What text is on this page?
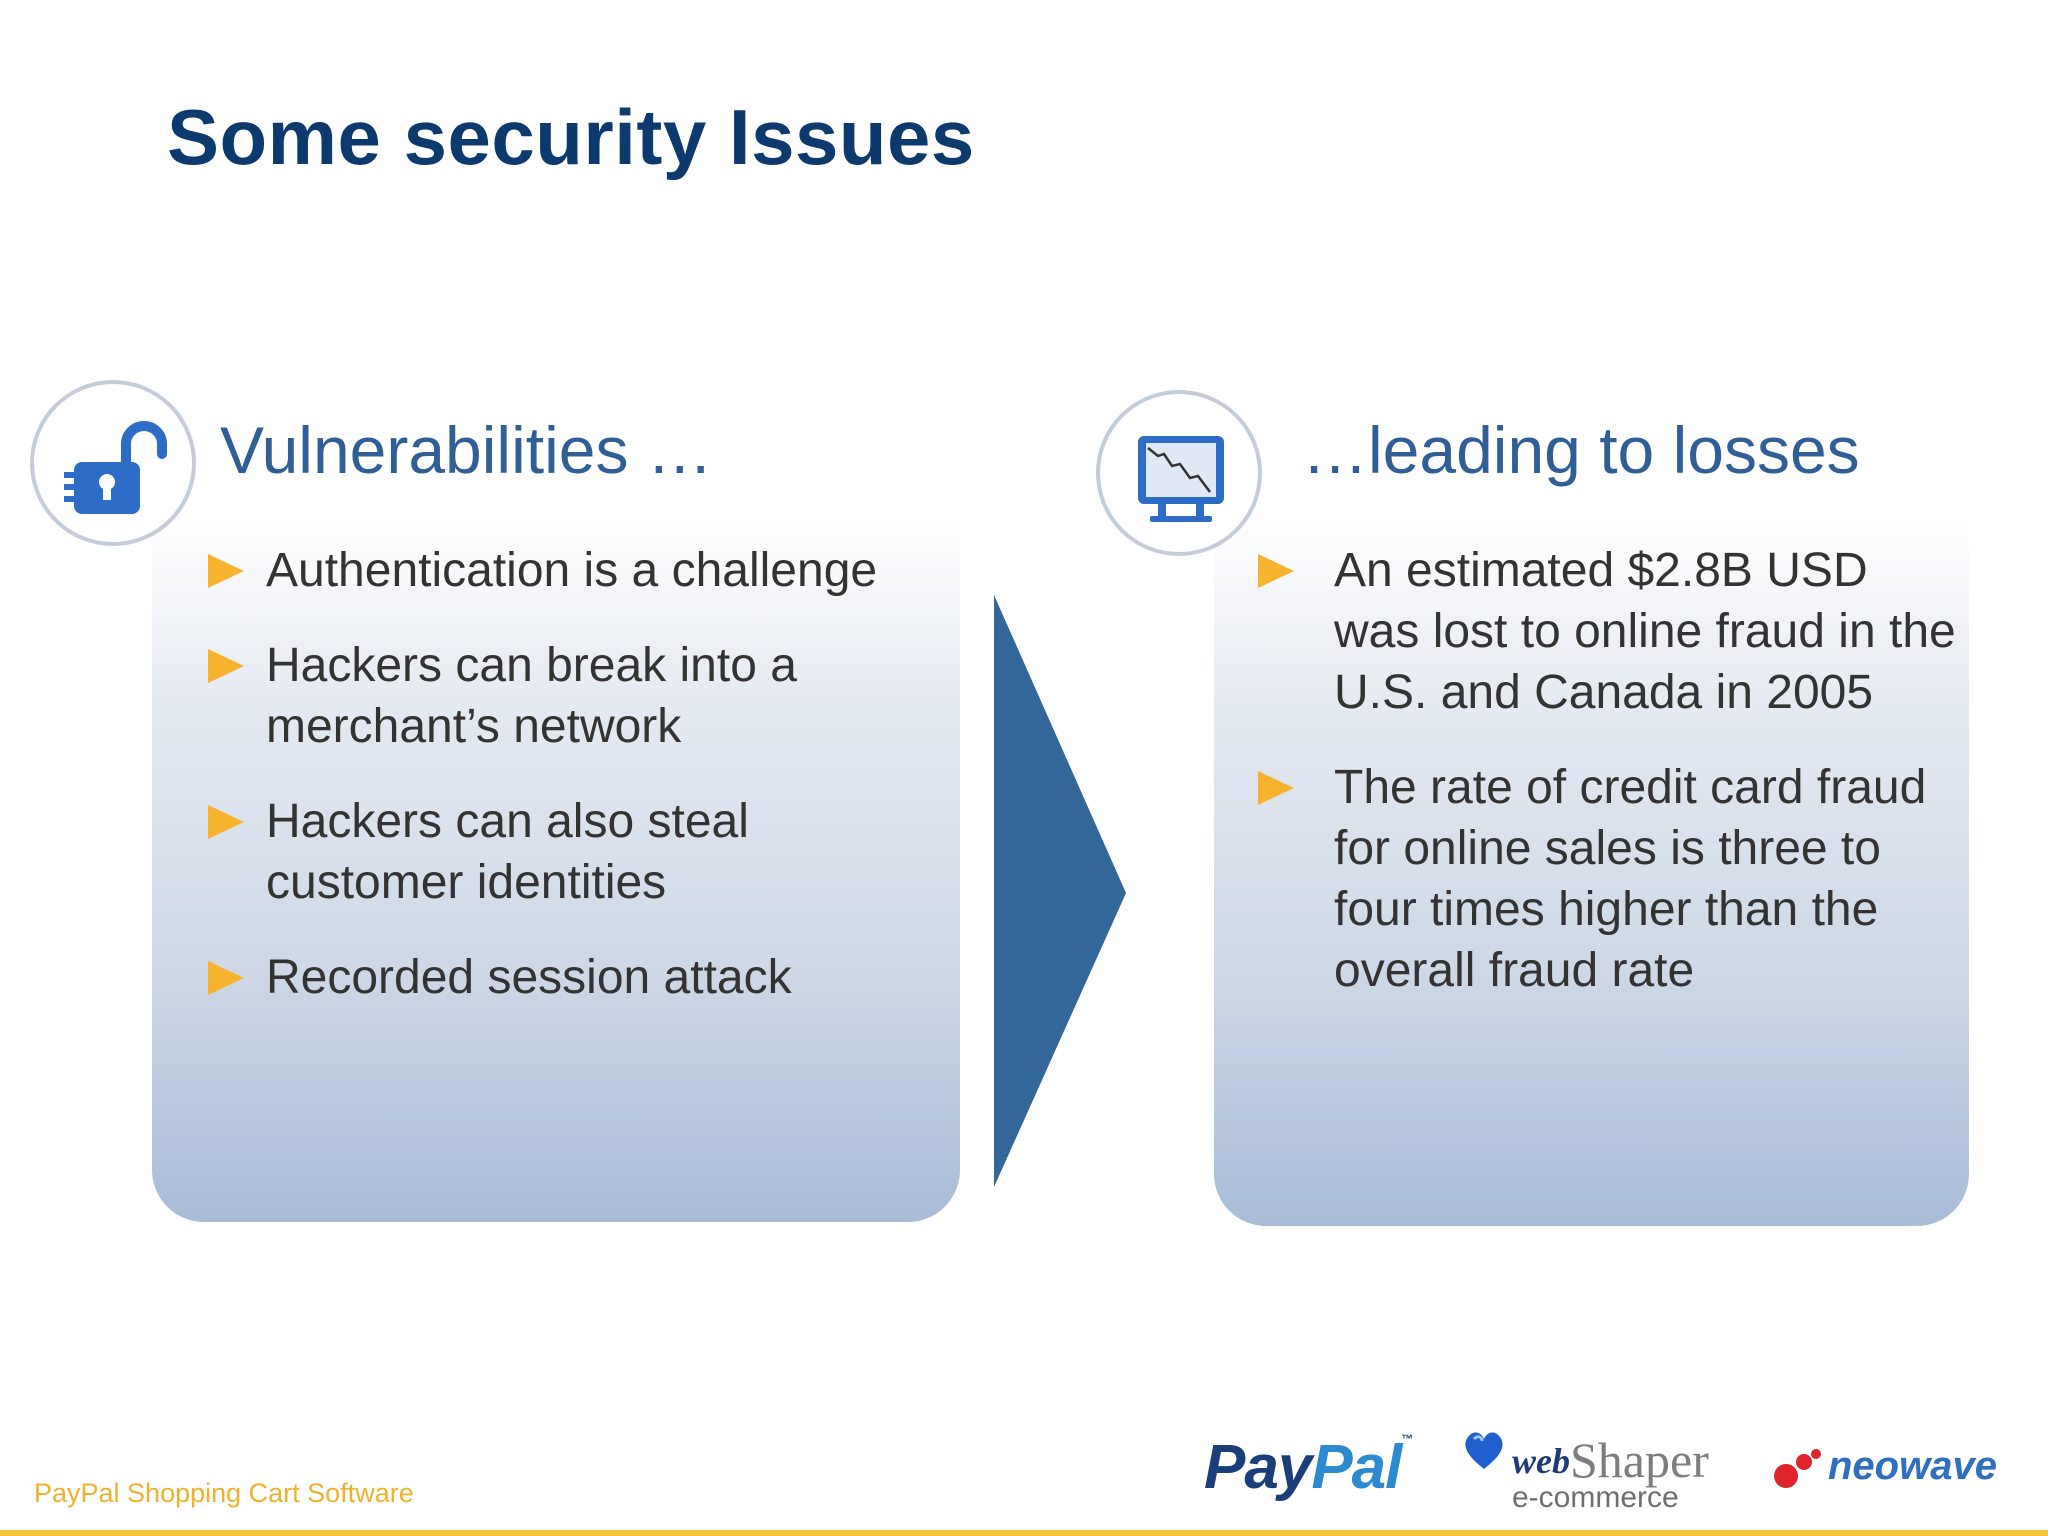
Some security Issues
Vulnerabilities …
Authentication is a challenge
Hackers can break into a merchant’s network
Hackers can also steal customer identities
Recorded session attack
…leading to losses
An estimated $2.8B USD was lost to online fraud in the U.S. and Canada in 2005
The rate of credit card fraud for online sales is three to four times higher than the overall fraud rate
PayPal Shopping Cart Software	PayPal™
web Shaper
e-commerce
neowave
